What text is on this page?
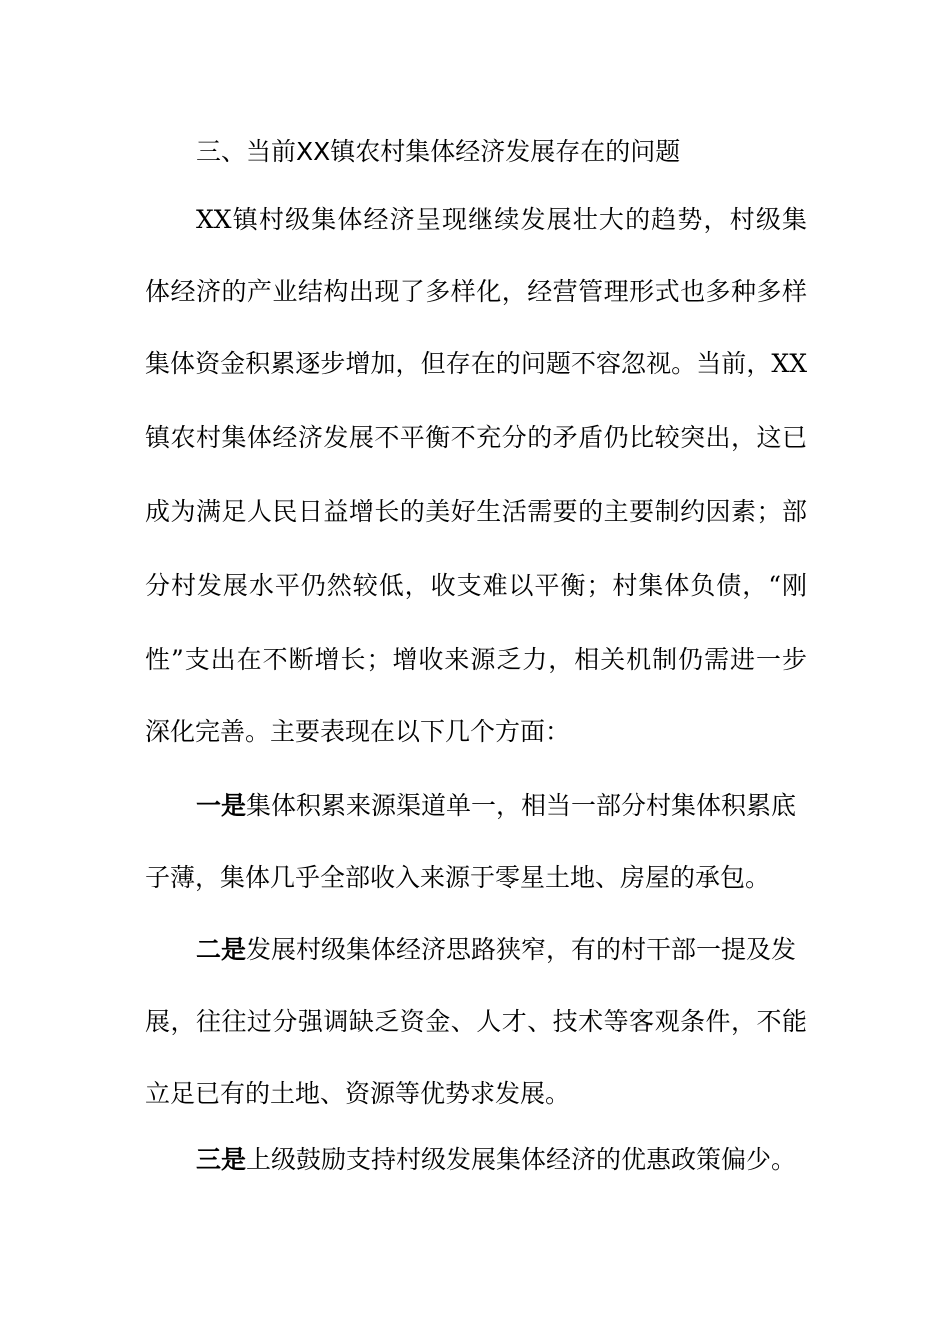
三、当前XX镇农村集体经济发展存在的问题
XX镇村级集体经济呈现继续发展壮大的趋势，村级集
体经济的产业结构出现了多样化，经营管理形式也多种多样
集体资金积累逐步增加，但存在的问题不容忽视。当前，XX
镇农村集体经济发展不平衡不充分的矛盾仍比较突出，这已
成为满足人民日益增长的美好生活需要的主要制约因素；部
分村发展水平仍然较低，收支难以平衡；村集体负债，“刚
性”支出在不断增长；增收来源乏力，相关机制仍需进一步
深化完善。主要表现在以下几个方面：
一是集体积累来源渠道单一，相当一部分村集体积累底
子薄，集体几乎全部收入来源于零星土地、房屋的承包。
二是发展村级集体经济思路狭窄，有的村干部一提及发
展，往往过分强调缺乏资金、人才、技术等客观条件，不能
立足已有的土地、资源等优势求发展。
三是上级鼓励支持村级发展集体经济的优惠政策偏少。
